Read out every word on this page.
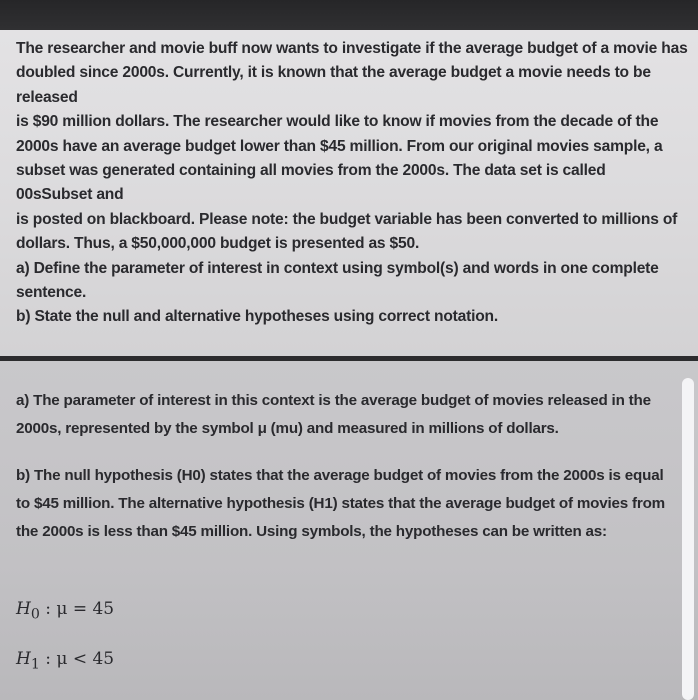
The researcher and movie buff now wants to investigate if the average budget of a movie has
doubled since 2000s. Currently, it is known that the average budget a movie needs to be
released
is $90 million dollars. The researcher would like to know if movies from the decade of the
2000s have an average budget lower than $45 million. From our original movies sample, a
subset was generated containing all movies from the 2000s. The data set is called
00sSubset and
is posted on blackboard. Please note: the budget variable has been converted to millions of
dollars. Thus, a $50,000,000 budget is presented as $50.
a) Define the parameter of interest in context using symbol(s) and words in one complete
sentence.
b) State the null and alternative hypotheses using correct notation.

a) The parameter of interest in this context is the average budget of movies released in the 2000s, represented by the symbol μ (mu) and measured in millions of dollars.

b) The null hypothesis (H0) states that the average budget of movies from the 2000s is equal to $45 million. The alternative hypothesis (H1) states that the average budget of movies from the 2000s is less than $45 million. Using symbols, the hypotheses can be written as:

$H_0$ : μ = 45
$H_1$ : μ < 45
